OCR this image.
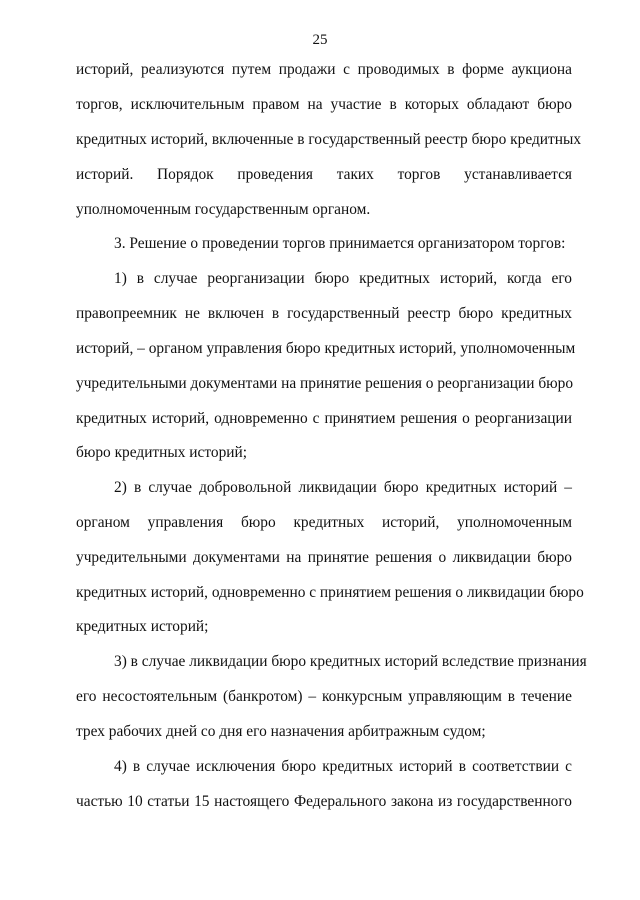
25
историй, реализуются путем продажи с проводимых в форме аукциона
торгов, исключительным правом на участие в которых обладают бюро
кредитных историй, включенные в государственный реестр бюро кредитных
историй. Порядок проведения таких торгов устанавливается
уполномоченным государственным органом.
3. Решение о проведении торгов принимается организатором торгов:
1) в случае реорганизации бюро кредитных историй, когда его
правопреемник не включен в государственный реестр бюро кредитных
историй, – органом управления бюро кредитных историй, уполномоченным
учредительными документами на принятие решения о реорганизации бюро
кредитных историй, одновременно с принятием решения о реорганизации
бюро кредитных историй;
2) в случае добровольной ликвидации бюро кредитных историй –
органом управления бюро кредитных историй, уполномоченным
учредительными документами на принятие решения о ликвидации бюро
кредитных историй, одновременно с принятием решения о ликвидации бюро
кредитных историй;
3) в случае ликвидации бюро кредитных историй вследствие признания
его несостоятельным (банкротом) – конкурсным управляющим в течение
трех рабочих дней со дня его назначения арбитражным судом;
4) в случае исключения бюро кредитных историй в соответствии с
частью 10 статьи 15 настоящего Федерального закона из государственного
